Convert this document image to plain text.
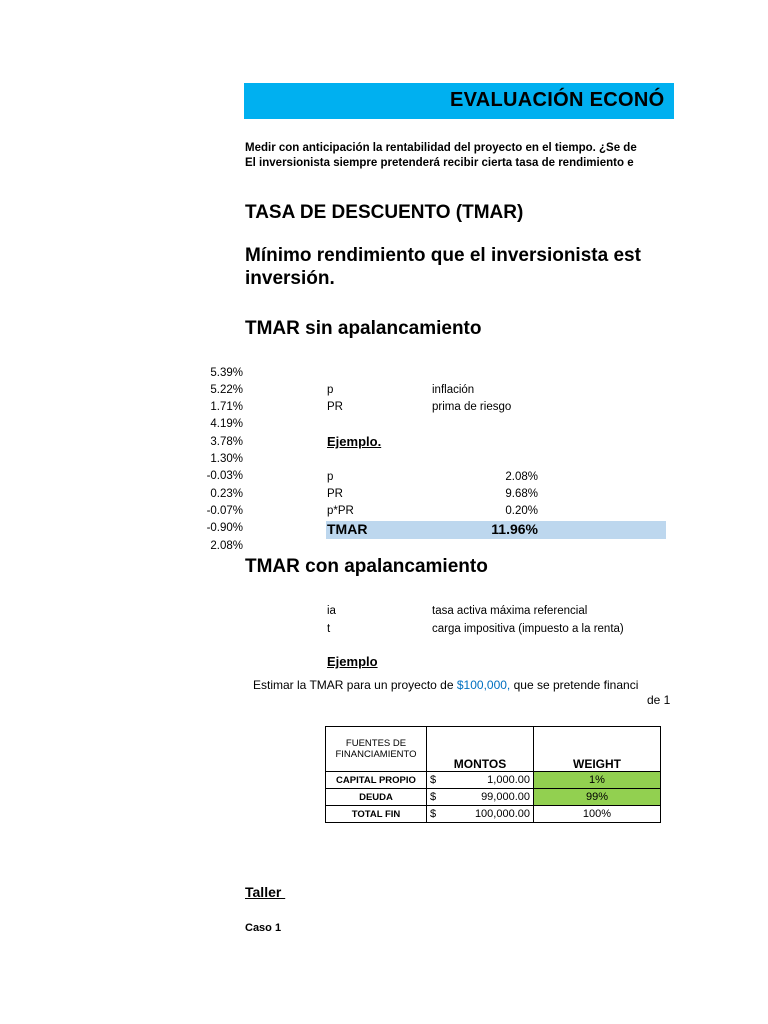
EVALUACIÓN ECONÓ
Medir con anticipación la rentabilidad del proyecto en el tiempo. ¿Se de
El inversionista siempre pretenderá recibir cierta tasa de rendimiento e
TASA DE DESCUENTO (TMAR)
Mínimo rendimiento que el inversionista est
inversión.
TMAR sin apalancamiento
5.39%
5.22%
1.71%
4.19%
3.78%
1.30%
-0.03%
0.23%
-0.07%
-0.90%
2.08%
p	inflación
PR	prima de riesgo
Ejemplo.
p	2.08%
PR	9.68%
p*PR	0.20%
TMAR	11.96%
TMAR con apalancamiento
ia	tasa activa máxima referencial
t	carga impositiva (impuesto a la renta)
Ejemplo
Estimar la TMAR para un proyecto de $100,000, que se pretende financi
de 1
FUENTES DE FINANCIAMIENTO	MONTOS	WEIGHT
CAPITAL PROPIO	$ 1,000.00	1%
DEUDA	$ 99,000.00	99%
TOTAL FIN	$ 100,000.00	100%
Taller
Caso 1
